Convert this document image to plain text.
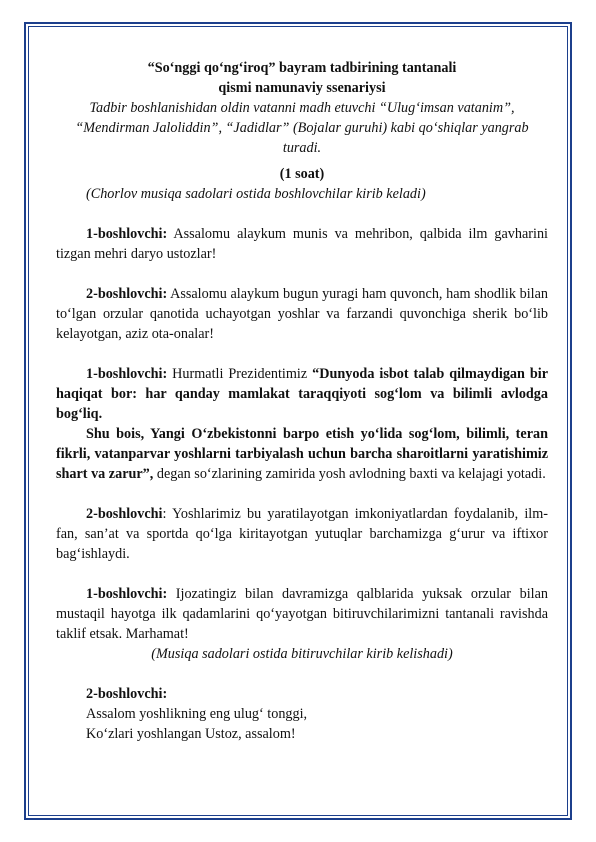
“So‘nggi qo‘ng‘iroq” bayram tadbirining tantanali

qismi namunaviy ssenariysi

Tadbir boshlanishidan oldin vatanni madh etuvchi “Ulug‘imsan vatanim”, “Mendirman Jaloliddin”, “Jadidlar” (Bojalar guruhi) kabi qo‘shiqlar yangrab turadi.

(1 soat)

(Chorlov musiqa sadolari ostida boshlovchilar kirib keladi)

1-boshlovchi: Assalomu alaykum munis va mehribon, qalbida ilm gavharini tizgan mehri daryo ustozlar!

2-boshlovchi: Assalomu alaykum bugun yuragi ham quvonch, ham shodlik bilan to‘lgan orzular qanotida uchayotgan yoshlar va farzandi quvonchiga sherik bo‘lib kelayotgan, aziz ota-onalar!

1-boshlovchi: Hurmatli Prezidentimiz “Dunyoda isbot talab qilmaydigan bir haqiqat bor: har qanday mamlakat taraqqiyoti sog‘lom va bilimli avlodga bog‘liq.

Shu bois, Yangi O‘zbekistonni barpo etish yo‘lida sog‘lom, bilimli, teran fikrli, vatanparvar yoshlarni tarbiyalash uchun barcha sharoitlarni yaratishimiz shart va zarur”, degan so‘zlarining zamirida yosh avlodning baxti va kelajagi yotadi.

2-boshlovchi: Yoshlarimiz bu yaratilayotgan imkoniyatlardan foydalanib, ilm-fan, san’at va sportda qo‘lga kiritayotgan yutuqlar barchamizga g‘urur va iftixor bag‘ishlaydi.

1-boshlovchi: Ijozatingiz bilan davramizga qalblarida yuksak orzular bilan mustaqil hayotga ilk qadamlarini qo‘yayotgan bitiruvchilarimizni tantanali ravishda taklif etsak. Marhamat!

(Musiqa sadolari ostida bitiruvchilar kirib kelishadi)

2-boshlovchi:

Assalom yoshlikning eng ulug‘ tonggi,

Ko‘zlari yoshlangan Ustoz, assalom!
